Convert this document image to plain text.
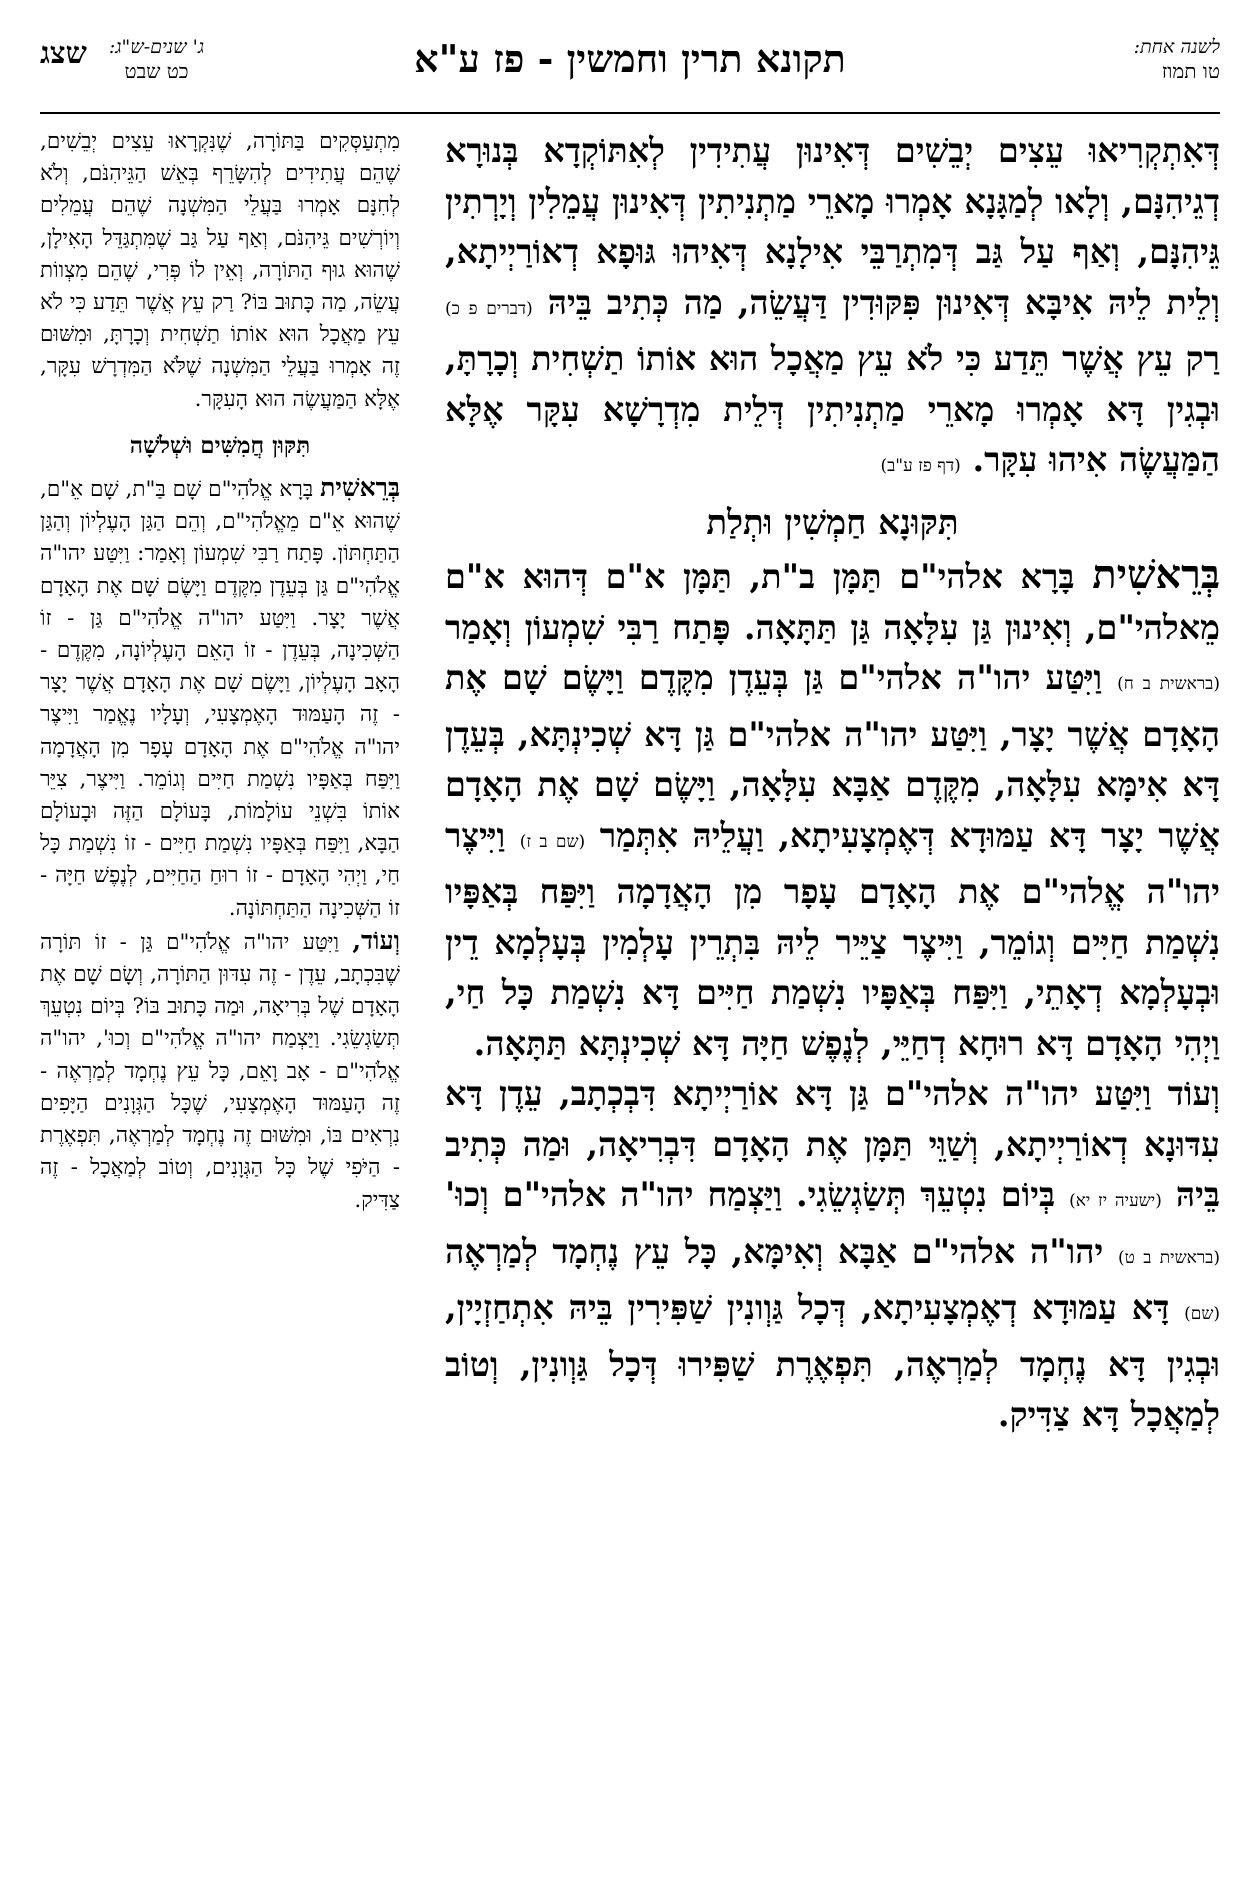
שצג ג' שנים-ש"ג:
כט שבט	תקונא תרין וחמשין - פז ע"א	לשנה אחת:
טו תמוז

דְּאִתְקְרִיאוּ עֵצִים יְבֵשִׁים דְּאִינוּן עֲתִידִין לְאִתּוֹקְדָא בְּנוּרָא דְגֵיהִנָּם, וְלָאו לְמַגָּנָא אָמְרוּ מָארֵי מַתְנִיתִין דְּאִינוּן עֲמֵלִין וְיָרְתִין גֵּיהִנָּם, וְאַף עַל גַּב דְּמִתְרַבֵּי אִילָנָא דְּאִיהוּ גּוּפָא דְאוֹרַיְיתָא, וְלֵית לֵיהּ אִיבָּא דְּאִינוּן פִּקּוּדִין דַּעֲשֵׂה, מַה כְּתִיב בֵּיהּ (דברים פ כ) רַק עֵץ אֲשֶׁר תֵּדַע כִּי לֹא עֵץ מַאֲכָל הוּא אוֹתוֹ תַשְׁחִית וְכָרָתָּ, וּבְגִין דָּא אָמְרוּ מָארֵי מַתְנִיתִין דְּלֵית מִדְרָשָׁא עִקָּר אֶלָּא הַמַּעֲשֶׂה אִיהוּ עִקָּר. (דף פז ע"ב)

תִּקּוּנָא חַמְשִׁין וּתְלַת

בְּרֵאשִׁית בָּרָא אלהי"ם תַּמָּן ב"ת, תַּמָּן א"ם דְּהוּא א"ם מֵאלהי"ם, וְאִינוּן גַּן עִלָּאָה גַּן תַּתָּאָה. פָּתַח רַבִּי שִׁמְעוֹן וְאָמַר (בראשית ב ח) וַיִּטַּע יהו"ה אלהי"ם גַּן בְּעֵדֶן מִקֶּדֶם וַיָּשֶׂם שָׁם אֶת הָאָדָם אֲשֶׁר יָצָר, וַיִּטַּע יהו"ה אלהי"ם גַּן דָּא שְׁכִינְתָּא, בְּעֵדֶן דָּא אִימָּא עִלָּאָה, מִקֶּדֶם אַבָּא עִלָּאָה, וַיָּשֶׂם שָׁם אֶת הָאָדָם אֲשֶׁר יָצָר דָּא עַמּוּדָא דְּאֶמְצָעִיתָא, וַעֲלֵיהּ אִתְּמַר (שם ב ז) וַיִּיצֶר יהו"ה אֱלהי"ם אֶת הָאָדָם עָפָר מִן הָאֲדָמָה וַיִּפַּח בְּאַפָּיו נִשְׁמַת חַיִּים וְגוֹמֵר, וַיִּיצֶר צַיֵּיר לֵיהּ בִּתְרֵין עָלְמִין בְּעָלְמָא דֵין וּבְעָלְמָא דְאָתֵי, וַיִּפַּח בְּאַפָּיו נִשְׁמַת חַיִּים דָּא נִשְׁמַת כָּל חַי, וַיְהִי הָאָדָם דָּא רוּחָא דְחַיֵּי, לְנֶפֶשׁ חַיָּה דָּא שְׁכִינְתָּא תַּתָּאָה.

וְעוֹד וַיִּטַּע יהו"ה אלהי"ם גַּן דָּא אוֹרַיְיתָא דִּבְכְתָב, עֵדֶן דָּא עִדּוּנָא דְאוֹרַיְיתָא, וְשַׁוֵּי תַּמָּן אֶת הָאָדָם דִּבְרִיאָה, וּמַה כְּתִיב בֵּיהּ (ישעיה יז יא) בְּיוֹם נִטְעֵךְ תְּשַׂגְשֵׂגִי. וַיַּצְמַח יהו"ה אלהי"ם וְכוּ' (בראשית ב ט) יהו"ה אלהי"ם אַבָּא וְאִימָּא, כָּל עֵץ נֶחְמָד לְמַרְאֶה (שם) דָּא עַמּוּדָא דְאֶמְצָעִיתָא, דְּכָל גַּוְונִין שַׁפִּירִין בֵּיהּ אִתְחַזְיָין, וּבְגִין דָּא נֶחְמָד לְמַרְאֶה, תִּפְאֶרֶת שַׁפִּירוּ דְּכָל גַּוְונִין, וְטוֹב לְמַאֲכָל דָּא צַדִּיק.

מִתְעַסְּקִים בַּתּוֹרָה, שֶׁנִּקְרָאוּ עֵצִים יְבֵשִׁים, שֶׁהֵם עֲתִידִים לְהִשָּׂרֵף בְּאֵשׁ הַגֵּיהִנֹּם, וְלֹא לְחִנָּם אָמְרוּ בַּעֲלֵי הַמִּשְׁנָה שֶׁהֵם עֲמֵלִים וְיוֹרְשִׁים גֵּיהִנֹּם, וְאַף עַל גַּב שֶׁמִּתְגַּדֵּל הָאִילָן, שֶׁהוּא גוּף הַתּוֹרָה, וְאֵין לוֹ פְּרִי, שֶׁהֵם מִצְווֹת עֲשֵׂה, מַה כָּתוּב בּוֹ? רַק עֵץ אֲשֶׁר תֵּדַע כִּי לֹא עֵץ מַאֲכָל הוּא אוֹתוֹ תַשְׁחִית וְכָרָתָּ, וּמִשּׁוּם זֶה אָמְרוּ בַּעֲלֵי הַמִּשְׁנָה שֶׁלֹּא הַמִּדְרָשׁ עִקָּר, אֶלָּא הַמַּעֲשֶׂה הוּא הָעִקָּר.

תִּקּוּן חֲמִשִּׁים וּשְׁלֹשָׁה

בְּרֵאשִׁית בָּרָא אֱלֹהִי"ם שָׁם בַּ"ת, שָׁם אֵ"ם, שֶׁהוּא אֵ"ם מֵאֱלֹהִי"ם, וְהֵם הַגַּן הָעֶלְיוֹן וְהַגַּן הַתַּחְתּוֹן. פָּתַח רַבִּי שִׁמְעוֹן וְאָמַר: וַיִּטַּע יהו"ה אֱלֹהִי"ם גַּן בְּעֵדֶן מִקֶּדֶם וַיָּשֶׂם שָׁם אֶת הָאָדָם אֲשֶׁר יָצָר. וַיִּטַּע יהו"ה אֱלֹהִי"ם גַּן - זוֹ הַשְּׁכִינָה, בְּעֵדֶן - זוֹ הָאֵם הָעֶלְיוֹנָה, מִקֶּדֶם - הָאָב הָעֶלְיוֹן, וַיָּשֶׂם שָׁם אֶת הָאָדָם אֲשֶׁר יָצָר - זֶה הָעַמּוּד הָאֶמְצָעִי, וְעָלָיו נֶאֱמַר וַיִּיצֶר יהו"ה אֱלֹהִי"ם אֶת הָאָדָם עָפָר מִן הָאֲדָמָה וַיִּפַּח בְּאַפָּיו נִשְׁמַת חַיִּים וְגוֹמֵר. וַיִּיצֶר, צִיֵּר אוֹתוֹ בִּשְׁנֵי עוֹלָמוֹת, בָּעוֹלָם הַזֶּה וּבָעוֹלָם הַבָּא, וַיִּפַּח בְּאַפָּיו נִשְׁמַת חַיִּים - זוֹ נִשְׁמַת כָּל חַי, וַיְהִי הָאָדָם - זוֹ רוּחַ הַחַיִּים, לְנֶפֶשׁ חַיָּה - זוֹ הַשְּׁכִינָה הַתַּחְתּוֹנָה.

וְעוֹד, וַיִּטַּע יהו"ה אֱלֹהִי"ם גַּן - זוֹ תּוֹרָה שֶׁבִּכְתָב, עֵדֶן - זֶה עִדּוּן הַתּוֹרָה, וְשָׂם שָׁם אֶת הָאָדָם שֶׁל בְּרִיאָה, וּמַה כָּתוּב בּוֹ? בְּיוֹם נִטְעֵךְ תְּשַׂגְשֵׂגִי. וַיַּצְמַח יהו"ה אֱלֹהִי"ם וְכוּ', יהו"ה אֱלֹהִי"ם - אָב וָאֵם, כָּל עֵץ נֶחְמָד לְמַרְאֶה - זֶה הָעַמּוּד הָאֶמְצָעִי, שֶׁכָּל הַגְּוָנִים הַיָּפִים נִרְאִים בּוֹ, וּמִשּׁוּם זֶה נֶחְמָד לְמַרְאֶה, תִּפְאֶרֶת - הַיֹּפִי שֶׁל כָּל הַגְּוָנִים, וְטוֹב לְמַאֲכָל - זֶה צַדִּיק.
